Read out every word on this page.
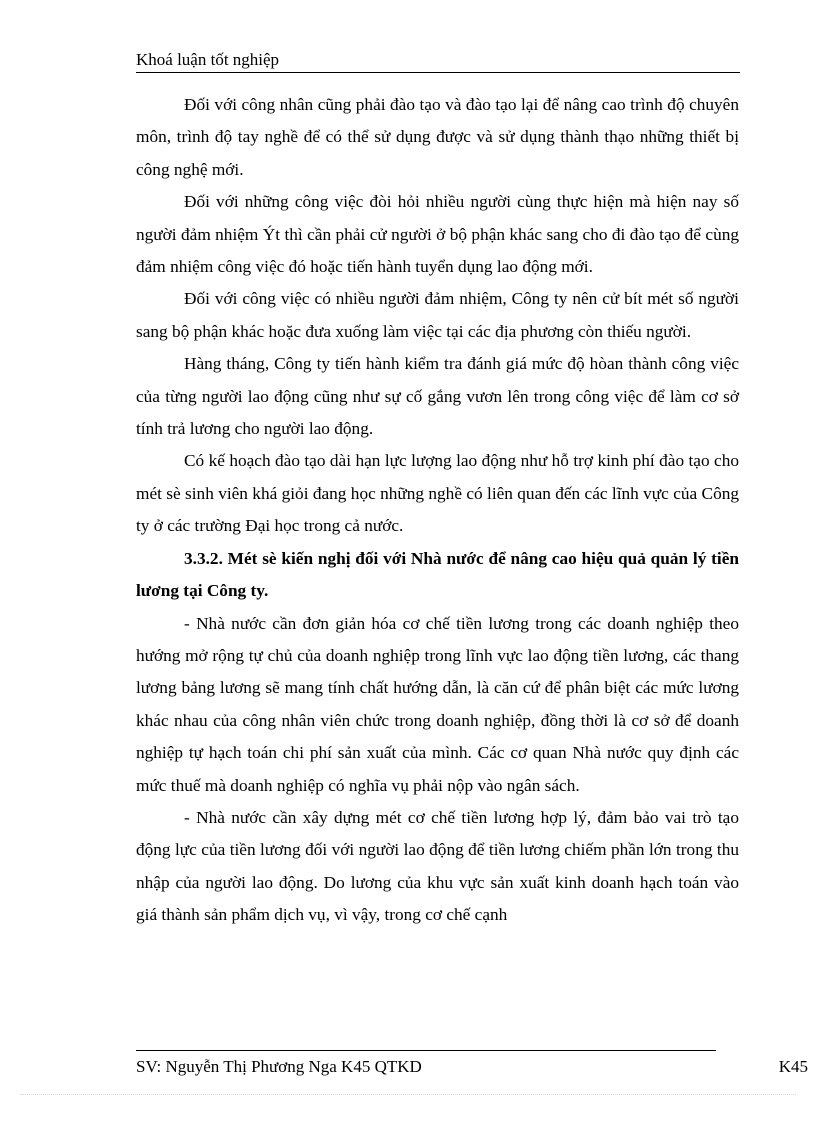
Khoá luận tốt nghiệp

Đối với công nhân cũng phải đào tạo và đào tạo lại để nâng cao trình độ chuyên môn, trình độ tay nghề để có thể sử dụng được và sử dụng thành thạo những thiết bị công nghệ mới.

Đối với những công việc đòi hỏi nhiều người cùng thực hiện mà hiện nay số người đảm nhiệm Ýt thì cần phải cử người ở bộ phận khác sang cho đi đào tạo để cùng đảm nhiệm công việc đó hoặc tiến hành tuyển dụng lao động mới.

Đối với công việc có nhiều người đảm nhiệm, Công ty nên cử bít mét số người sang bộ phận khác hoặc đưa xuống làm việc tại các địa phương còn thiếu người.

Hàng tháng, Công ty tiến hành kiểm tra đánh giá mức độ hòan thành công việc của từng người lao động cũng như sự cố gắng vươn lên trong công việc để làm cơ sở tính trả lương cho người lao động.

Có kế hoạch đào tạo dài hạn lực lượng lao động như hỗ trợ kinh phí đào tạo cho mét sè sinh viên khá giỏi đang học những nghề có liên quan đến các lĩnh vực của Công ty ở các trường Đại học trong cả nước.

3.3.2. Mét sè kiến nghị đối với Nhà nước để nâng cao hiệu quả quản lý tiền lương tại Công ty.

- Nhà nước cần đơn giản hóa cơ chế tiền lương trong các doanh nghiệp theo hướng mở rộng tự chủ của doanh nghiệp trong lĩnh vực lao động tiền lương, các thang lương bảng lương sẽ mang tính chất hướng dẫn, là căn cứ để phân biệt các mức lương khác nhau của công nhân viên chức trong doanh nghiệp, đồng thời là cơ sở để doanh nghiệp tự hạch toán chi phí sản xuất của mình. Các cơ quan Nhà nước quy định các mức thuế mà doanh nghiệp có nghĩa vụ phải nộp vào ngân sách.

- Nhà nước cần xây dựng mét cơ chế tiền lương hợp lý, đảm bảo vai trò tạo động lực của tiền lương đối với người lao động để tiền lương chiếm phần lớn trong thu nhập của người lao động. Do lương của khu vực sản xuất kinh doanh hạch toán vào giá thành sản phẩm dịch vụ, vì vậy, trong cơ chế cạnh

SV: Nguyễn Thị Phương Nga K45 QTKD	K45
